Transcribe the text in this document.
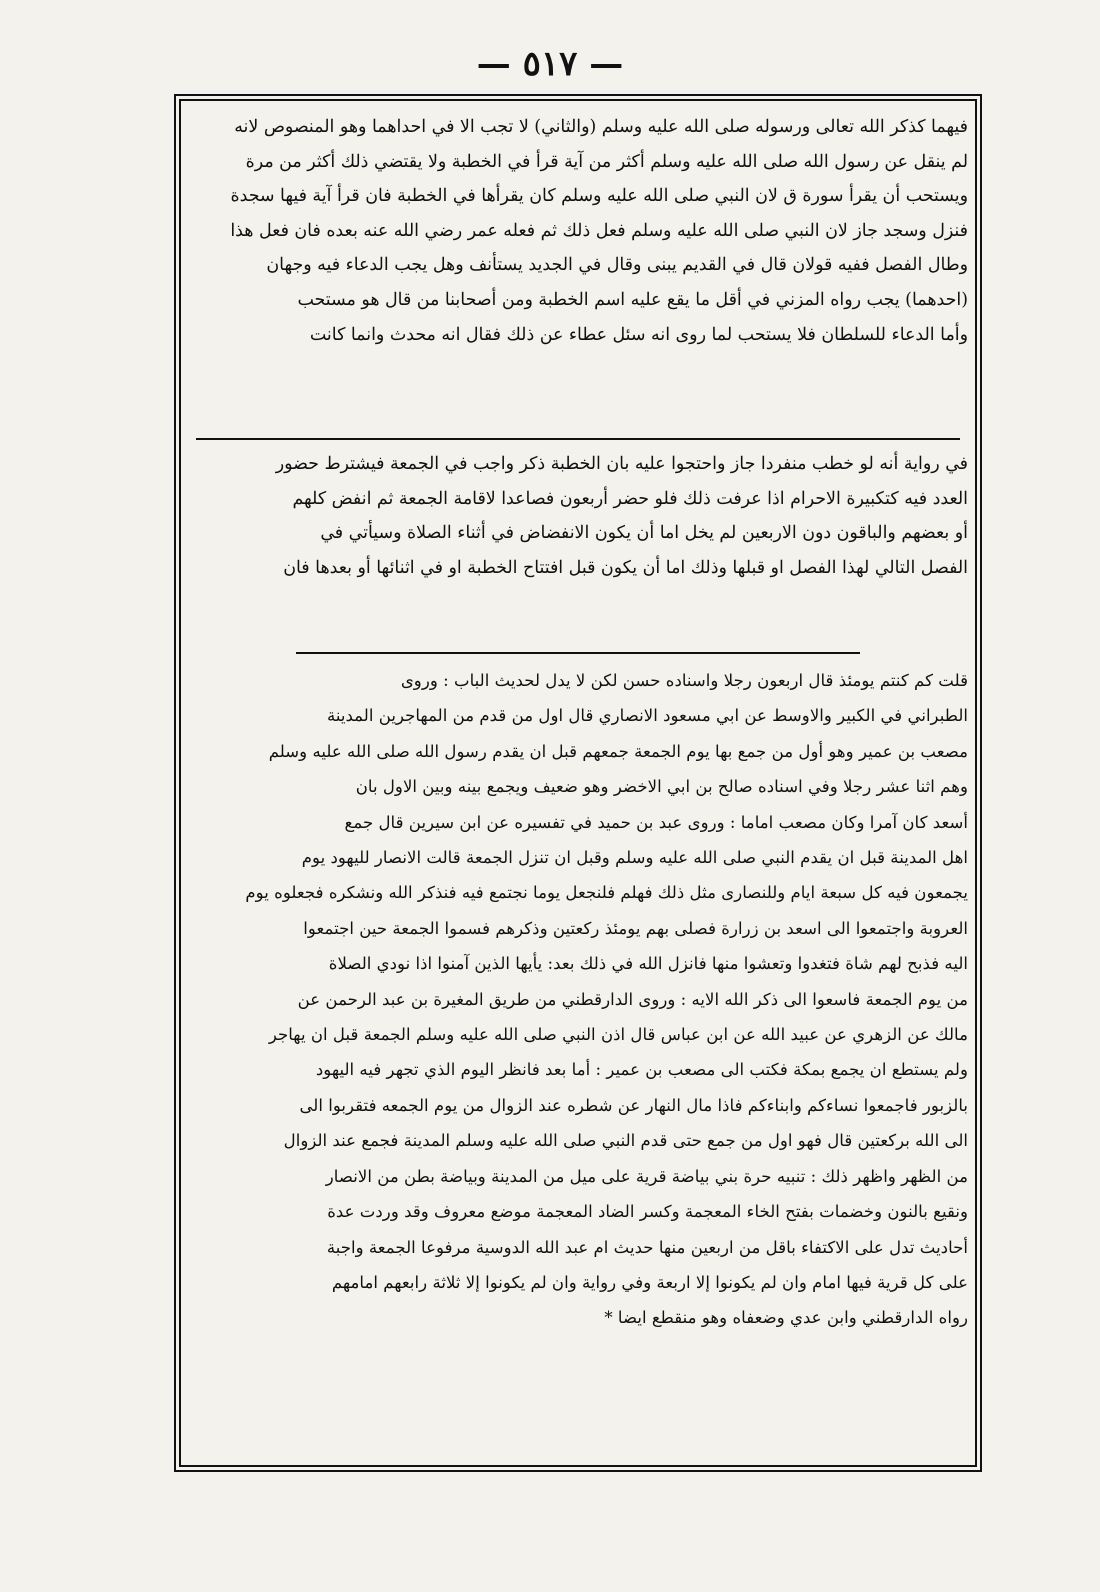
— ٥١٧ —

فيهما كذكر الله تعالى ورسوله صلى الله عليه وسلم (والثاني) لا تجب الا في احداهما وهو المنصوص لانه

لم ينقل عن رسول الله صلى الله عليه وسلم أكثر من آية قرأ في الخطبة ولا يقتضي ذلك أكثر من مرة

ويستحب أن يقرأ سورة ق لان النبي صلى الله عليه وسلم كان يقرأها في الخطبة فان قرأ آية فيها سجدة

فنزل وسجد جاز لان النبي صلى الله عليه وسلم فعل ذلك ثم فعله عمر رضي الله عنه بعده فان فعل هذا

وطال الفصل ففيه قولان قال في القديم يبنى وقال في الجديد يستأنف وهل يجب الدعاء فيه وجهان

(احدهما) يجب رواه المزني في أقل ما يقع عليه اسم الخطبة ومن أصحابنا من قال هو مستحب

وأما الدعاء للسلطان فلا يستحب لما روى انه سئل عطاء عن ذلك فقال انه محدث وانما كانت

في رواية أنه لو خطب منفردا جاز واحتجوا عليه بان الخطبة ذكر واجب في الجمعة فيشترط حضور

العدد فيه كتكبيرة الاحرام اذا عرفت ذلك فلو حضر أربعون فصاعدا لاقامة الجمعة ثم انفض كلهم

أو بعضهم والباقون دون الاربعين لم يخل اما أن يكون الانفضاض في أثناء الصلاة وسيأتي في

الفصل التالي لهذا الفصل او قبلها وذلك اما أن يكون قبل افتتاح الخطبة او في اثنائها أو بعدها فان

قلت كم كنتم يومئذ قال اربعون رجلا واسناده حسن لكن لا يدل لحديث الباب : وروى

الطبراني في الكبير والاوسط عن ابي مسعود الانصاري قال اول من قدم من المهاجرين المدينة

مصعب بن عمير وهو أول من جمع بها يوم الجمعة جمعهم قبل ان يقدم رسول الله صلى الله عليه وسلم

وهم اثنا عشر رجلا وفي اسناده صالح بن ابي الاخضر وهو ضعيف ويجمع بينه وبين الاول بان

أسعد كان آمرا وكان مصعب اماما : وروى عبد بن حميد في تفسيره عن ابن سيرين قال جمع

اهل المدينة قبل ان يقدم النبي صلى الله عليه وسلم وقبل ان تنزل الجمعة قالت الانصار لليهود يوم

يجمعون فيه كل سبعة ايام وللنصارى مثل ذلك فهلم فلنجعل يوما نجتمع فيه فنذكر الله ونشكره فجعلوه يوم

العروبة واجتمعوا الى اسعد بن زرارة فصلى بهم يومئذ ركعتين وذكرهم فسموا الجمعة حين اجتمعوا

اليه فذبح لهم شاة فتغدوا وتعشوا منها فانزل الله في ذلك بعد: يأيها الذين آمنوا اذا نودي الصلاة

من يوم الجمعة فاسعوا الى ذكر الله الايه : وروى الدارقطني من طريق المغيرة بن عبد الرحمن عن

مالك عن الزهري عن عبيد الله عن ابن عباس قال اذن النبي صلى الله عليه وسلم الجمعة قبل ان يهاجر

ولم يستطع ان يجمع بمكة فكتب الى مصعب بن عمير : أما بعد فانظر اليوم الذي تجهر فيه اليهود

بالزبور فاجمعوا نساءكم وابناءكم فاذا مال النهار عن شطره عند الزوال من يوم الجمعه فتقربوا الى

الى الله بركعتين قال فهو اول من جمع حتى قدم النبي صلى الله عليه وسلم المدينة فجمع عند الزوال

من الظهر واظهر ذلك : تنبيه حرة بني بياضة قرية على ميل من المدينة وبياضة بطن من الانصار

ونقيع بالنون وخضمات بفتح الخاء المعجمة وكسر الضاد المعجمة موضع معروف وقد وردت عدة

أحاديث تدل على الاكتفاء باقل من اربعين منها حديث ام عبد الله الدوسية مرفوعا الجمعة واجبة

على كل قرية فيها امام وان لم يكونوا إلا اربعة وفي رواية وان لم يكونوا إلا ثلاثة رابعهم امامهم

رواه الدارقطني وابن عدي وضعفاه وهو منقطع ايضا *
